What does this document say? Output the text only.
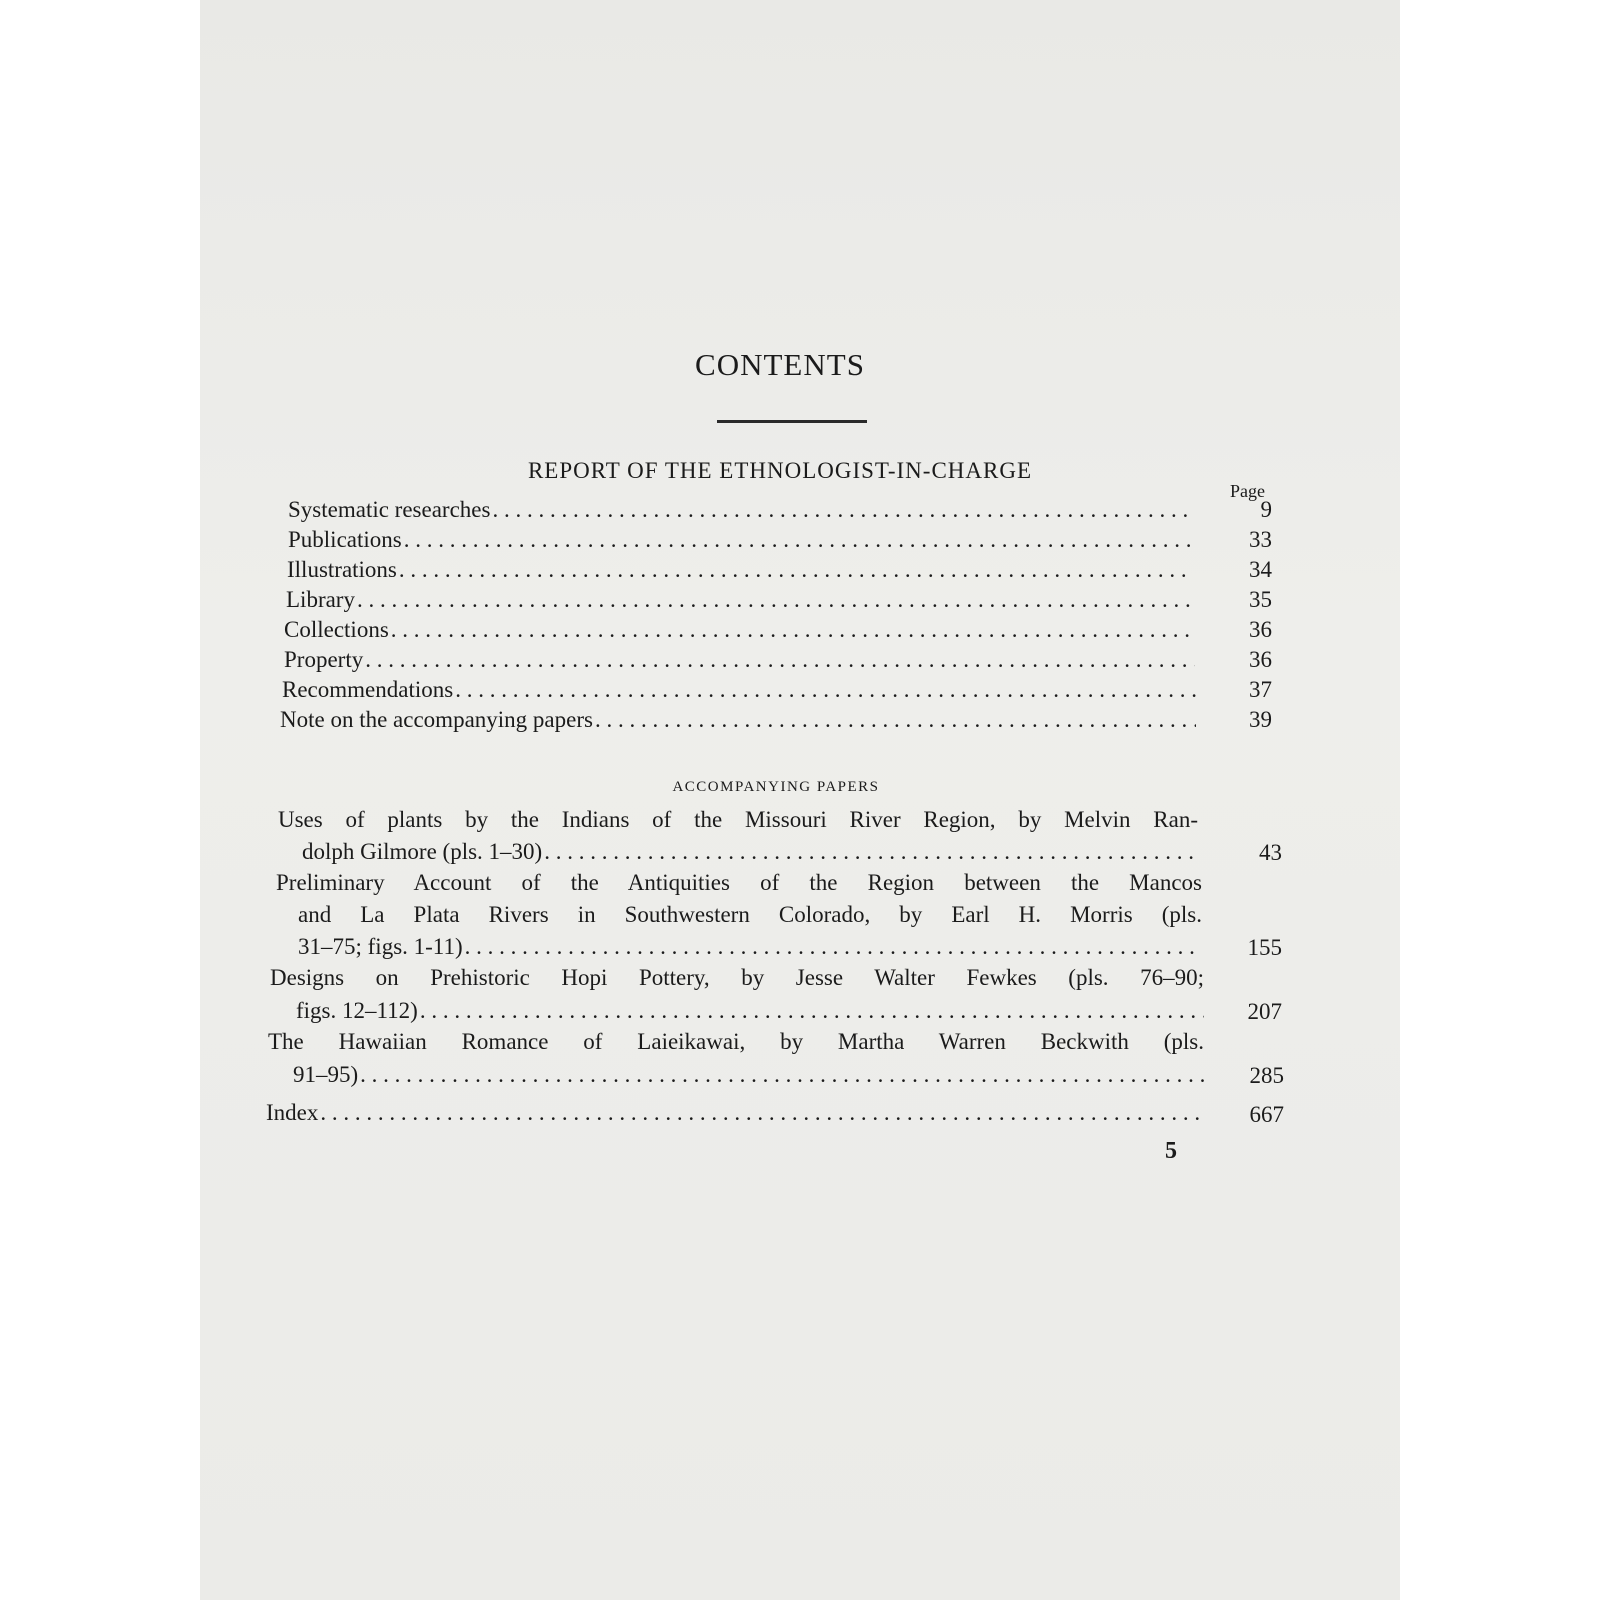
CONTENTS
REPORT OF THE ETHNOLOGIST-IN-CHARGE
Page
Systematic researches . . .	9
Publications . . .	33
Illustrations . . .	34
Library . . .	35
Collections . . .	36
Property . . .	36
Recommendations . . .	37
Note on the accompanying papers . . .	39
ACCOMPANYING PAPERS
Uses of plants by the Indians of the Missouri River Region, by Melvin Ran-
dolph Gilmore (pls. 1–30) . . .	43
Preliminary Account of the Antiquities of the Region between the Mancos
and La Plata Rivers in Southwestern Colorado, by Earl H. Morris (pls.
31–75; figs. 1-11) . . .	155
Designs on Prehistoric Hopi Pottery, by Jesse Walter Fewkes (pls. 76–90;
figs. 12–112) . . .	207
The Hawaiian Romance of Laieikawai, by Martha Warren Beckwith (pls.
91–95) . . .	285
Index . . .	667
5
